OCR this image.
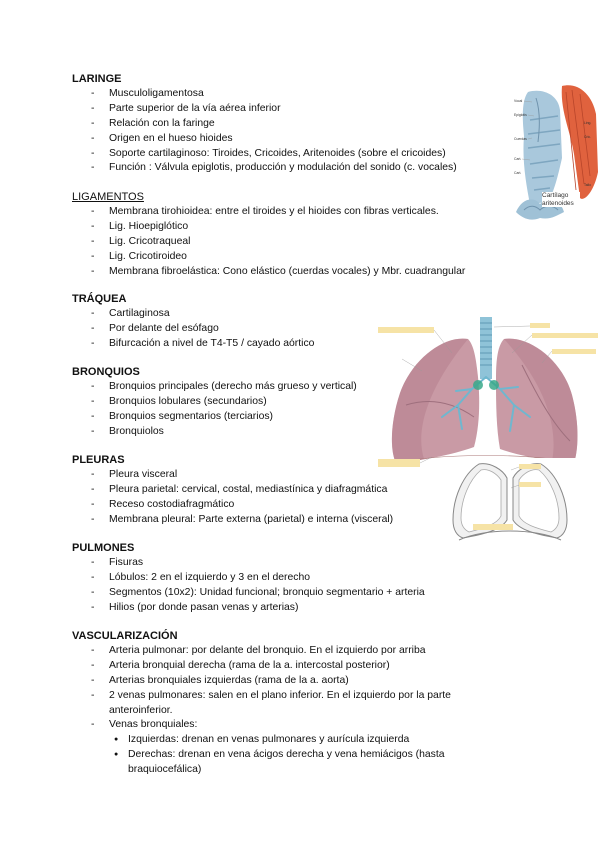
LARINGE
- Musculoligamentosa
- Parte superior de la vía aérea inferior
- Relación con la faringe
- Origen en el hueso hioides
- Soporte cartilaginoso: Tiroides, Cricoides, Aritenoides (sobre el cricoides)
- Función : Válvula epiglotis, producción y modulación del sonido (c. vocales)
LIGAMENTOS
- Membrana tirohioidea: entre el tiroides y el hioides con fibras verticales.
- Lig. Hioepiglótico
- Lig. Cricotraqueal
- Lig. Cricotiroideo
- Membrana fibroelástica: Cono elástico (cuerdas vocales) y Mbr. cuadrangular
TRÁQUEA
- Cartilaginosa
- Por delante del esófago
- Bifurcación a nivel de T4-T5 / cayado aórtico
BRONQUIOS
- Bronquios principales (derecho más grueso y vertical)
- Bronquios lobulares (secundarios)
- Bronquios segmentarios (terciarios)
- Bronquiolos
PLEURAS
- Pleura visceral
- Pleura parietal: cervical, costal, mediastínica y diafragmática
- Receso costodiafragmático
- Membrana pleural: Parte externa (parietal) e interna (visceral)
PULMONES
- Fisuras
- Lóbulos: 2 en el izquierdo y 3 en el derecho
- Segmentos (10x2): Unidad funcional; bronquio segmentario + arteria
- Hilios (por donde pasan venas y arterias)
VASCULARIZACIÓN
- Arteria pulmonar: por delante del bronquio. En el izquierdo por arriba
- Arteria bronquial derecha (rama de la a. intercostal posterior)
- Arterias bronquiales izquierdas (rama de la a. aorta)
- 2 venas pulmonares: salen en el plano inferior. En el izquierdo por la parte anteroinferior.
- Venas bronquiales:
● Izquierdas: drenan en venas pulmonares y aurícula izquierda
● Derechas: drenan en vena ácigos derecha y vena hemiácigos (hasta braquiocefálica)
Vocal
Epiglotis
Cuerdas
Cart.
Cart.
Ling.
Cric.
Tallo
Cartílago aritenoides
